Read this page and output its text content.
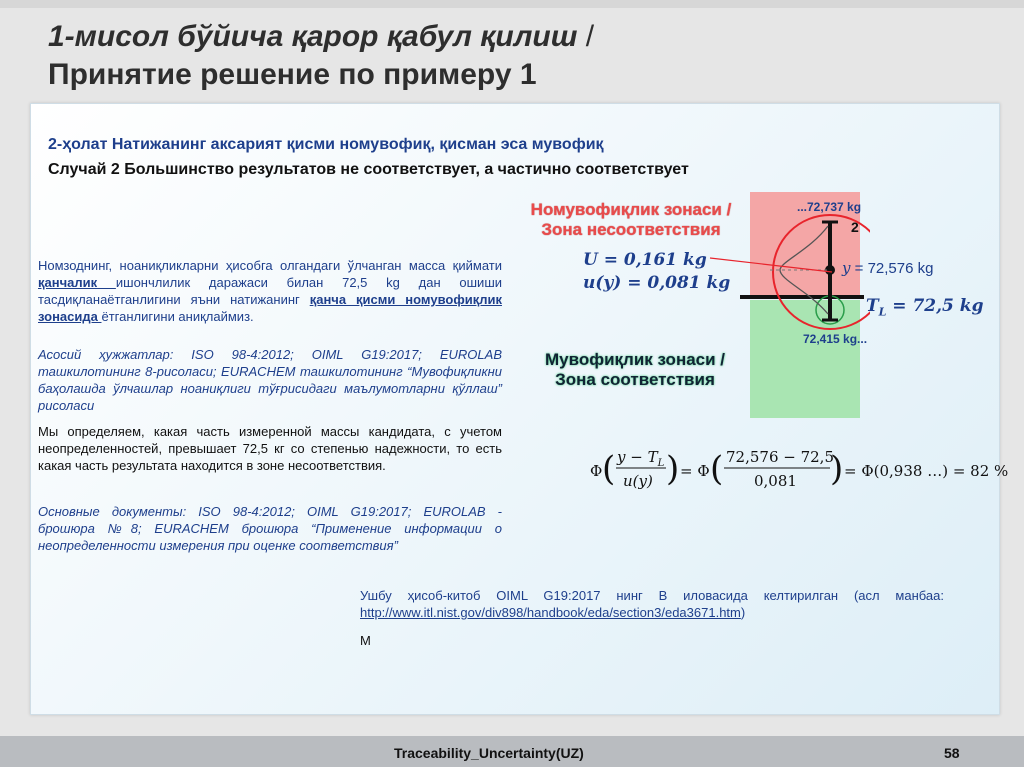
1-мисол бўйича қарор қабул қилиш /
Принятие решение по примеру 1
2-ҳолат Натижанинг аксарият қисми номувофиқ, қисман эса мувофиқ
Случай 2 Большинство результатов не соответствует, а частично соответствует
Номзоднинг, ноаниқликларни ҳисобга олгандаги ўлчанган масса қиймати қанчалик ишончлилик даражаси билан 72,5 kg дан ошиши тасдиқланаётганлигини яъни натижанинг қанча қисми номувофиқлик зонасида ётганлигини аниқлаймиз.
Асосий ҳужжатлар: ISO 98-4:2012; OIML G19:2017; EUROLAB ташкилотининг 8-рисоласи; EURACHEM ташкилотининг “Мувофиқликни баҳолашда ўлчашлар ноаниқлиги тўғрисидаги маълумотларни қўллаш” рисоласи
Мы определяем, какая часть измеренной массы кандидата, с учетом неопределенностей, превышает 72,5 кг со степенью надежности, то есть какая часть результата находится в зоне несоответствия.
Основные документы: ISO 98-4:2012; OIML G19:2017; EUROLAB - брошюра №8; EURACHEM брошюра “Применение информации о неопределенности измерения при оценке соответствия”
Номувофиқлик зонаси /
Зона несоответствия
U = 0,161 kg
u(y) = 0,081 kg
...72,737 kg
2
y = 72,576 kg
$T_L = 72,5$ kg
72,415 kg...
Мувофиқлик зонаси /
Зона соответствия
Φ ( $y - T_L$
u(y) ) = Φ ( 72,576 − 72,5
0,081 ) = Φ(0,938 …) = 82 %
Ушбу ҳисоб-китоб OIML G19:2017 нинг B иловасида келтирилган (асл манбаа: http://www.itl.nist.gov/div898/handbook/eda/section3/eda3671.htm)
M
Traceability_Uncertainty(UZ)	58
